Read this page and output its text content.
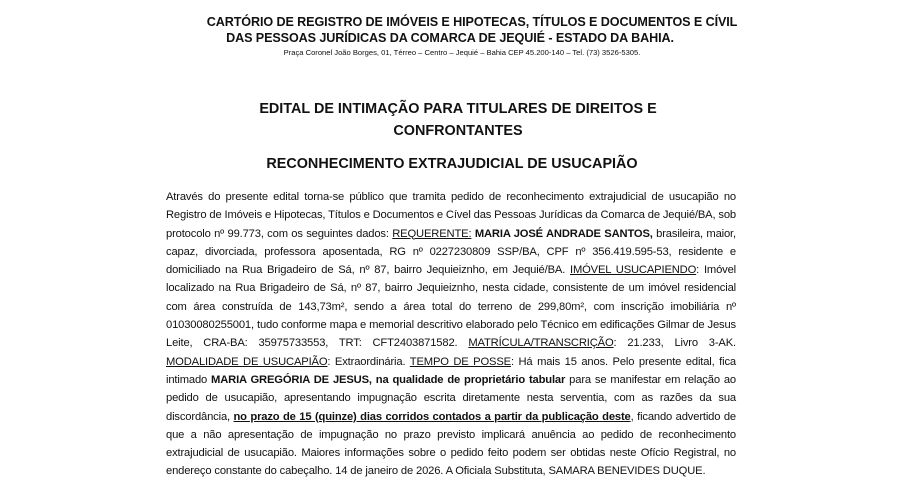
CARTÓRIO DE REGISTRO DE IMÓVEIS E HIPOTECAS, TÍTULOS E DOCUMENTOS E CÍVIL
DAS PESSOAS JURÍDICAS DA COMARCA DE JEQUIÉ - ESTADO DA BAHIA.
Praça Coronel João Borges, 01, Térreo – Centro – Jequié – Bahia CEP 45.200-140 – Tel. (73) 3526-5305.
EDITAL DE INTIMAÇÃO PARA TITULARES DE DIREITOS E
CONFRONTANTES
RECONHECIMENTO EXTRAJUDICIAL DE USUCAPIÃO
Através do presente edital torna-se público que tramita pedido de reconhecimento extrajudicial de usucapião no Registro de Imóveis e Hipotecas, Títulos e Documentos e Cível das Pessoas Jurídicas da Comarca de Jequié/BA, sob protocolo nº 99.773, com os seguintes dados: REQUERENTE: MARIA JOSÉ ANDRADE SANTOS, brasileira, maior, capaz, divorciada, professora aposentada, RG nº 0227230809 SSP/BA, CPF nº 356.419.595-53, residente e domiciliado na Rua Brigadeiro de Sá, nº 87, bairro Jequieiznho, em Jequié/BA. IMÓVEL USUCAPIENDO: Imóvel localizado na Rua Brigadeiro de Sá, nº 87, bairro Jequieiznho, nesta cidade, consistente de um imóvel residencial com área construída de 143,73m², sendo a área total do terreno de 299,80m², com inscrição imobiliária nº 01030080255001, tudo conforme mapa e memorial descritivo elaborado pelo Técnico em edificações Gilmar de Jesus Leite, CRA-BA: 35975733553, TRT: CFT2403871582. MATRÍCULA/TRANSCRIÇÃO: 21.233, Livro 3-AK. MODALIDADE DE USUCAPIÃO: Extraordinária. TEMPO DE POSSE: Há mais 15 anos. Pelo presente edital, fica intimado MARIA GREGÓRIA DE JESUS, na qualidade de proprietário tabular para se manifestar em relação ao pedido de usucapião, apresentando impugnação escrita diretamente nesta serventia, com as razões da sua discordância, no prazo de 15 (quinze) dias corridos contados a partir da publicação deste, ficando advertido de que a não apresentação de impugnação no prazo previsto implicará anuência ao pedido de reconhecimento extrajudicial de usucapião. Maiores informações sobre o pedido feito podem ser obtidas neste Ofício Registral, no endereço constante do cabeçalho. 14 de janeiro de 2026. A Oficiala Substituta, SAMARA BENEVIDES DUQUE.
